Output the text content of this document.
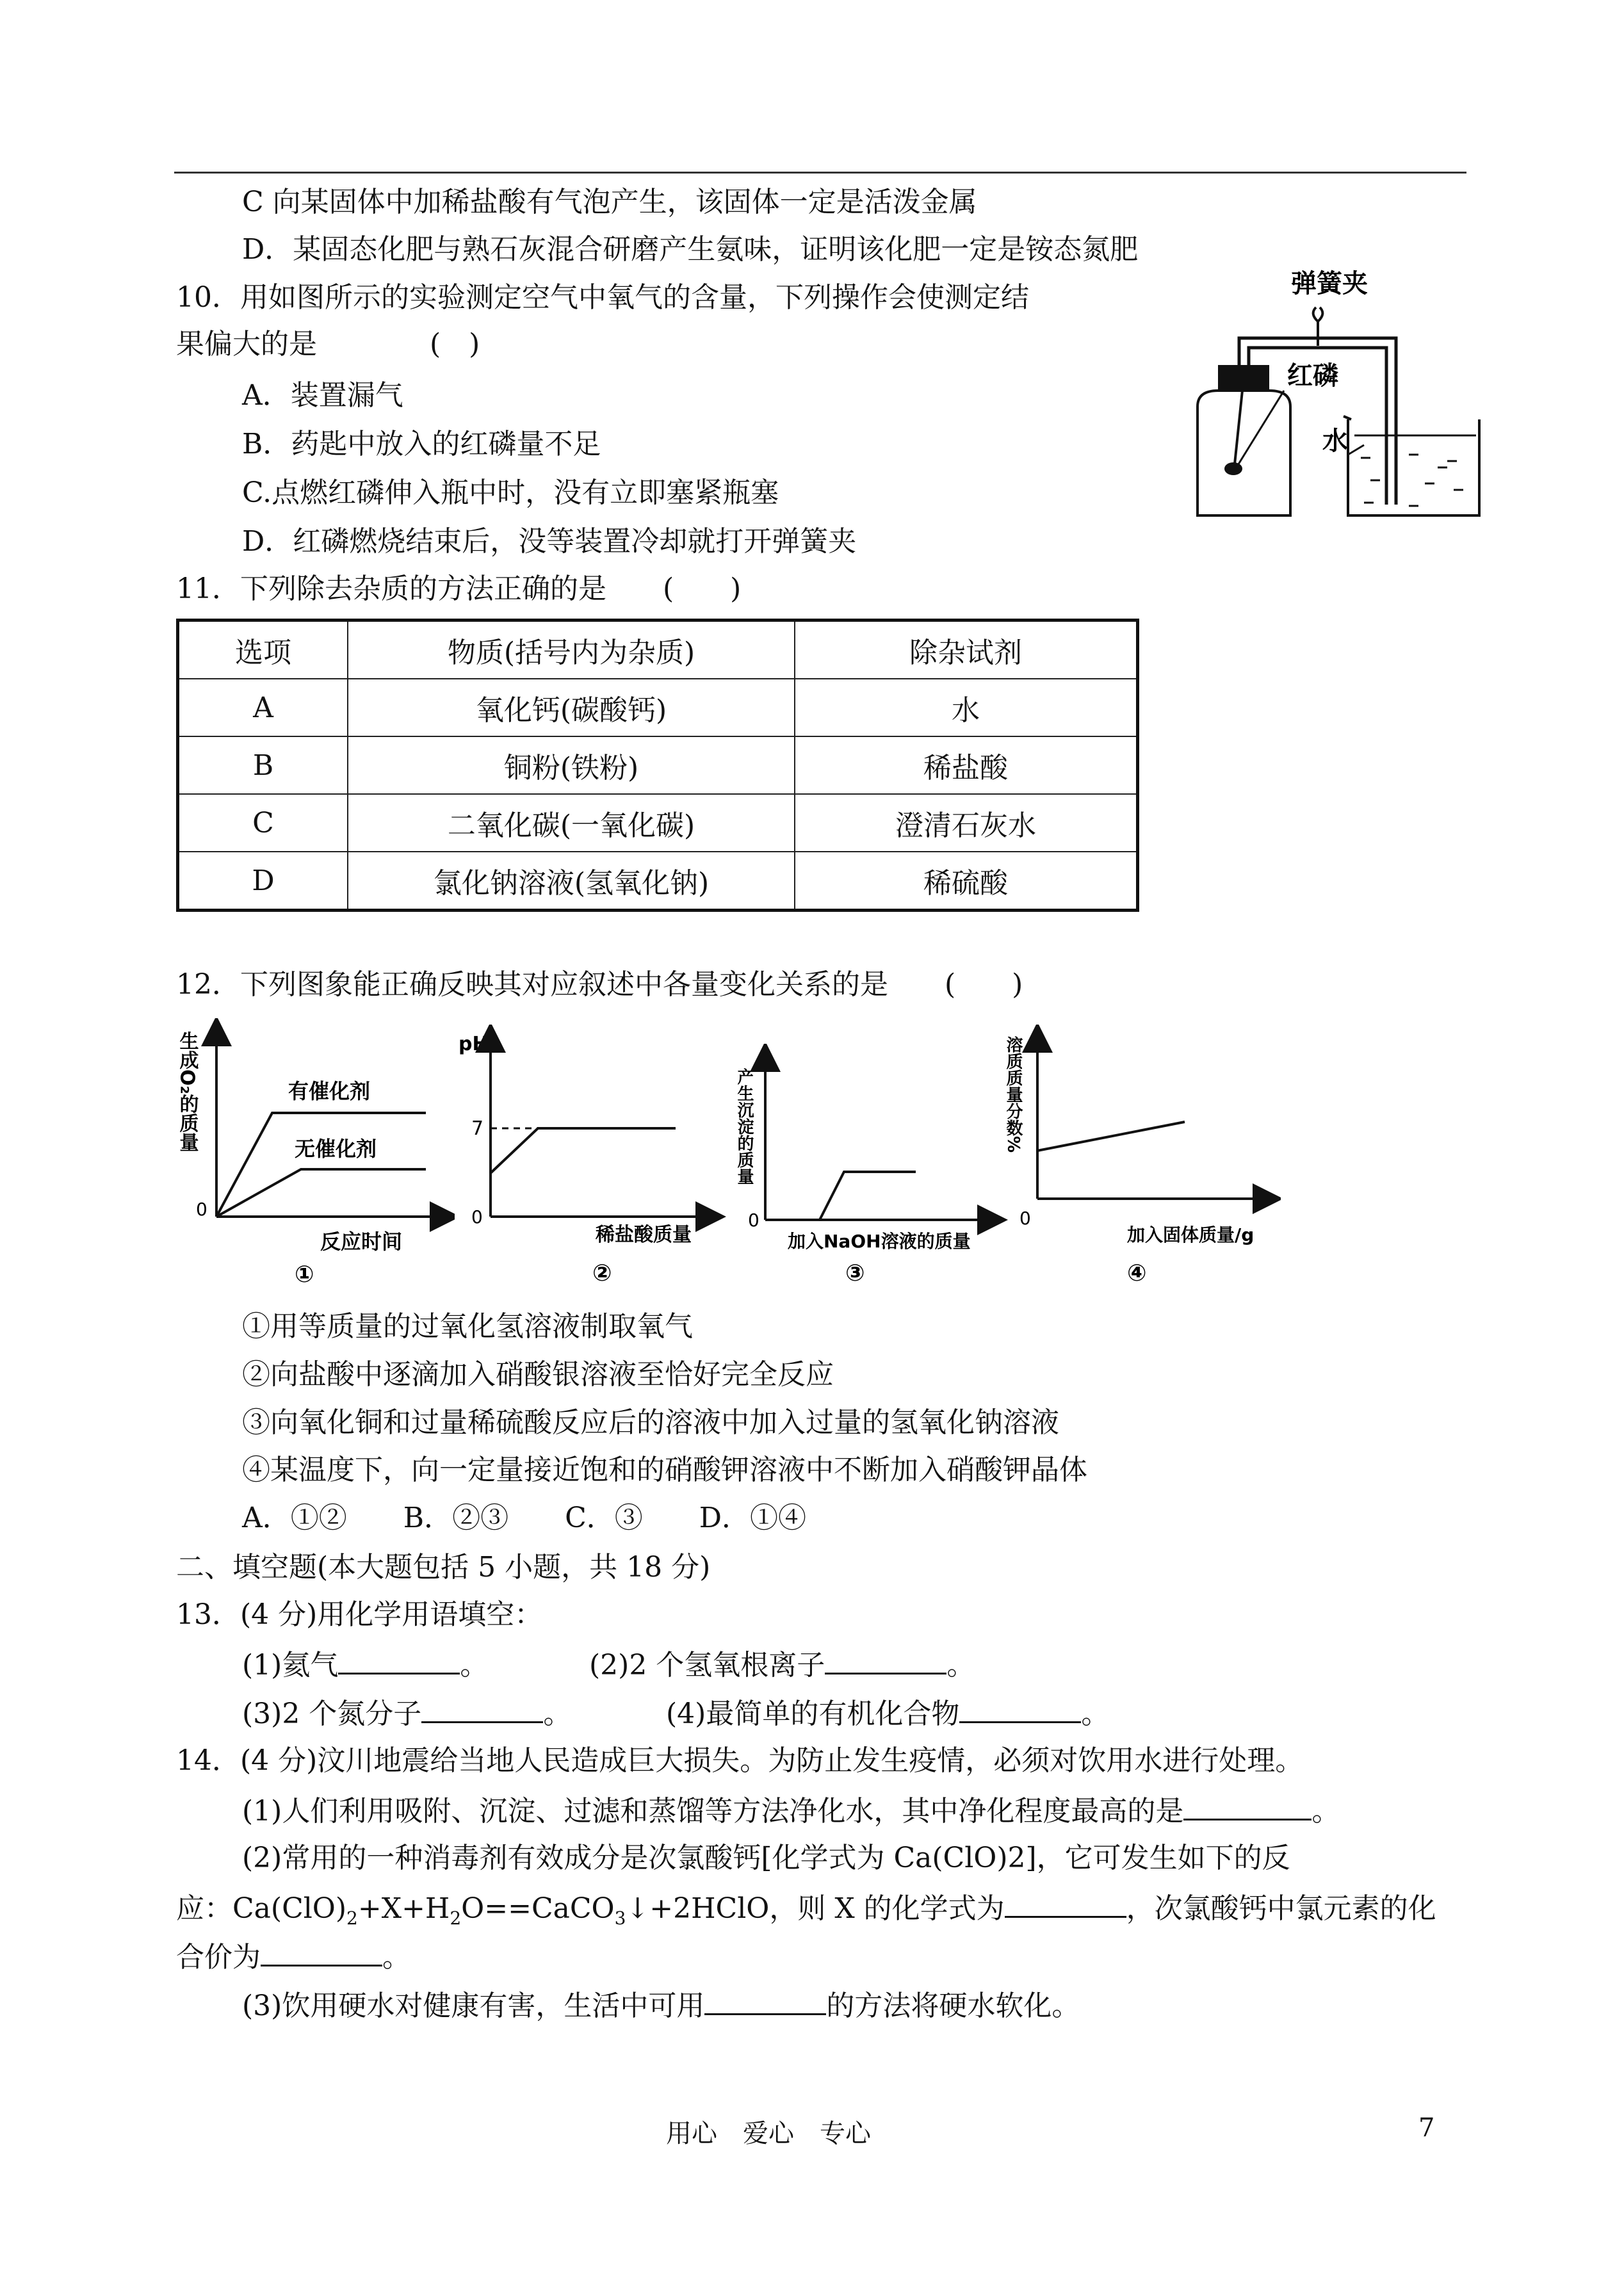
C 向某固体中加稀盐酸有气泡产生，该固体一定是活泼金属
D．某固态化肥与熟石灰混合研磨产生氨味，证明该化肥一定是铵态氮肥
10．用如图所示的实验测定空气中氧气的含量，下列操作会使测定结
果偏大的是　　　　(　)
A．装置漏气
B．药匙中放入的红磷量不足
C.点燃红磷伸入瓶中时，没有立即塞紧瓶塞
D．红磷燃烧结束后，没等装置冷却就打开弹簧夹
11．下列除去杂质的方法正确的是　　(　　)
弹簧夹
红磷
水
选项	物质(括号内为杂质)	除杂试剂
A	氧化钙(碳酸钙)	水
B	铜粉(铁粉)	稀盐酸
C	二氧化碳(一氧化碳)	澄清石灰水
D	氯化钠溶液(氢氧化钠)	稀硫酸
12．下列图象能正确反映其对应叙述中各量变化关系的是　　(　　)
生成O₂的质量	有催化剂
无催化剂
0
反应时间
①
pH
7
0
稀盐酸质量
②
产生沉淀的质量
0
加入NaOH溶液的质量
③
溶质质量分数%
0
加入固体质量/g
④
①用等质量的过氧化氢溶液制取氧气
②向盐酸中逐滴加入硝酸银溶液至恰好完全反应
③向氧化铜和过量稀硫酸反应后的溶液中加入过量的氢氧化钠溶液
④某温度下，向一定量接近饱和的硝酸钾溶液中不断加入硝酸钾晶体
A．①②　　B．②③　　C．③　　D．①④
二、填空题(本大题包括 5 小题，共 18 分)
13．(4 分)用化学用语填空：
(1)氦气	。	(2)2 个氢氧根离子	。
(3)2 个氮分子	。	(4)最简单的有机化合物	。
14．(4 分)汶川地震给当地人民造成巨大损失。为防止发生疫情，必须对饮用水进行处理。
(1)人们利用吸附、沉淀、过滤和蒸馏等方法净化水，其中净化程度最高的是	。
(2)常用的一种消毒剂有效成分是次氯酸钙[化学式为 Ca(ClO)2]，它可发生如下的反
应：$Ca(ClO)_2+X+H_2O==CaCO_3↓+2HClO$，则 X 的化学式为	，次氯酸钙中氯元素的化
合价为	。
(3)饮用硬水对健康有害，生活中可用	的方法将硬水软化。
用心　爱心　专心	7
